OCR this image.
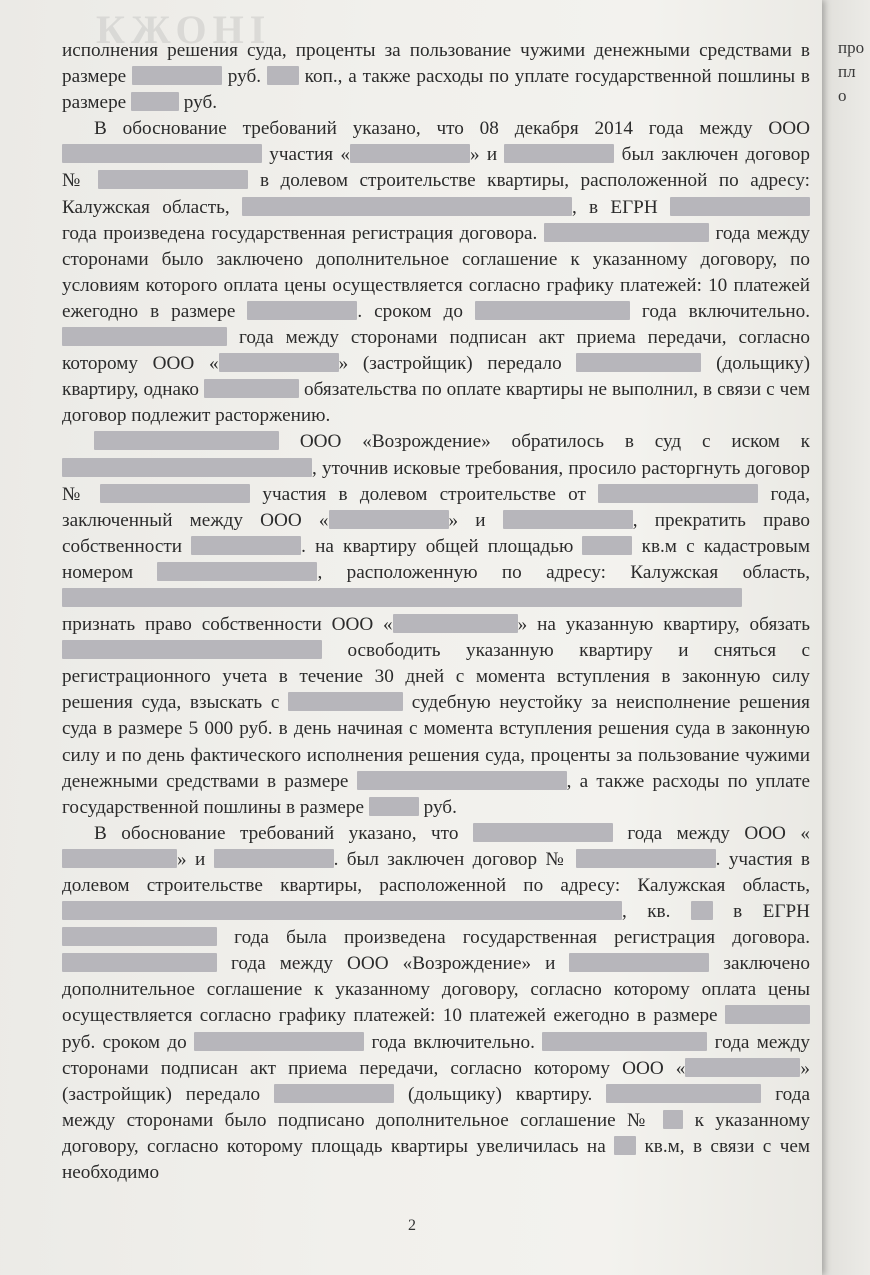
про
пл
о
КЖОНІ

исполнения решения суда, проценты за пользование чужими денежными средствами в размере	руб.  коп., а также расходы по уплате государственной пошлины в размере	руб.

В обоснование требований указано, что 08 декабря 2014 года между ООО  участия «	» и	был заключен договор №	в долевом строительстве квартиры, расположенной по адресу: Калужская область,	, в ЕГРН  года произведена государственная регистрация договора.	года между сторонами было заключено дополнительное соглашение к указанному договору, по условиям которого оплата цены осуществляется согласно графику платежей: 10 платежей ежегодно в размере	. сроком до	года включительно.  года между сторонами подписан акт приема передачи, согласно которому ООО «	» (застройщик) передало	(дольщику) квартиру, однако	обязательства по оплате квартиры не выполнил, в связи с чем договор подлежит расторжению.

ООО «Возрождение» обратилось в суд с иском к , уточнив исковые требования, просило расторгнуть договор №	участия в долевом строительстве от	года, заключенный между ООО «	» и	, прекратить право собственности	. на квартиру общей площадью	кв.м с кадастровым номером	, расположенную по адресу: Калужская область,  признать право собственности ООО «	» на указанную квартиру, обязать  освободить указанную квартиру и сняться с регистрационного учета в течение 30 дней с момента вступления в законную силу решения суда, взыскать с	судебную неустойку за неисполнение решения суда в размере 5 000 руб. в день начиная с момента вступления решения суда в законную силу и по день фактического исполнения решения суда, проценты за пользование чужими денежными средствами в размере	, а также расходы по уплате государственной пошлины в размере	руб.

В обоснование требований указано, что	года между ООО «» и	. был заключен договор №	. участия в долевом строительстве квартиры, расположенной по адресу: Калужская область, , кв.  в ЕГРН  года была произведена государственная регистрация договора.  года между ООО «Возрождение» и	заключено дополнительное соглашение к указанному договору, согласно которому оплата цены осуществляется согласно графику платежей: 10 платежей ежегодно в размере  руб. сроком до	года включительно.	года между сторонами подписан акт приема передачи, согласно которому ООО «	» (застройщик) передало	(дольщику) квартиру.	года между сторонами было подписано дополнительное соглашение №  к указанному договору, согласно которому площадь квартиры увеличилась на  кв.м, в связи с чем необходимо

2
